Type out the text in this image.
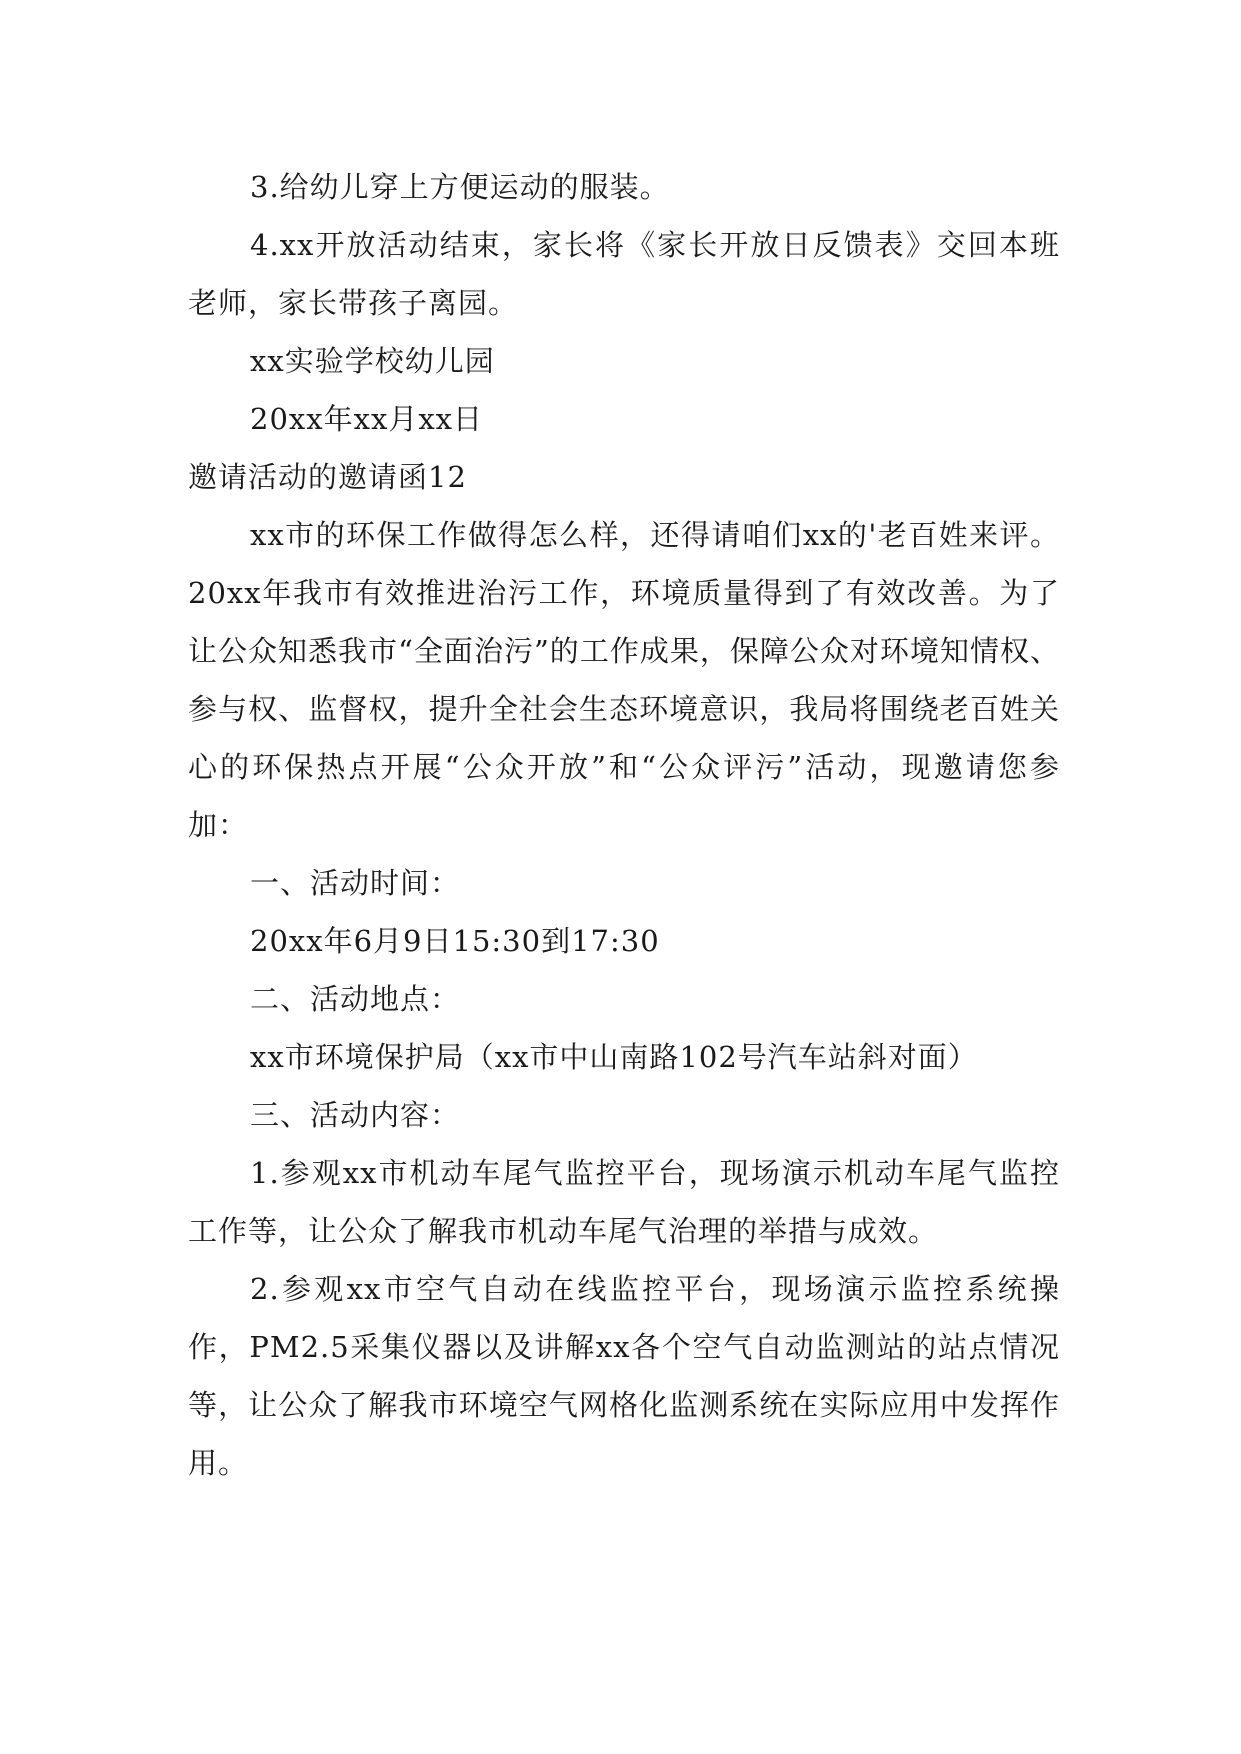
3.给幼儿穿上方便运动的服装。

4.xx开放活动结束，家长将《家长开放日反馈表》交回本班老师，家长带孩子离园。

xx实验学校幼儿园

20xx年xx月xx日

邀请活动的邀请函12

xx市的环保工作做得怎么样，还得请咱们xx的'老百姓来评。20xx年我市有效推进治污工作，环境质量得到了有效改善。为了让公众知悉我市“全面治污”的工作成果，保障公众对环境知情权、参与权、监督权，提升全社会生态环境意识，我局将围绕老百姓关心的环保热点开展“公众开放”和“公众评污”活动，现邀请您参加：

一、活动时间：

20xx年6月9日15:30到17:30

二、活动地点：

xx市环境保护局（xx市中山南路102号汽车站斜对面）

三、活动内容：

1.参观xx市机动车尾气监控平台，现场演示机动车尾气监控工作等，让公众了解我市机动车尾气治理的举措与成效。

2.参观xx市空气自动在线监控平台，现场演示监控系统操作，PM2.5采集仪器以及讲解xx各个空气自动监测站的站点情况等，让公众了解我市环境空气网格化监测系统在实际应用中发挥作用。
